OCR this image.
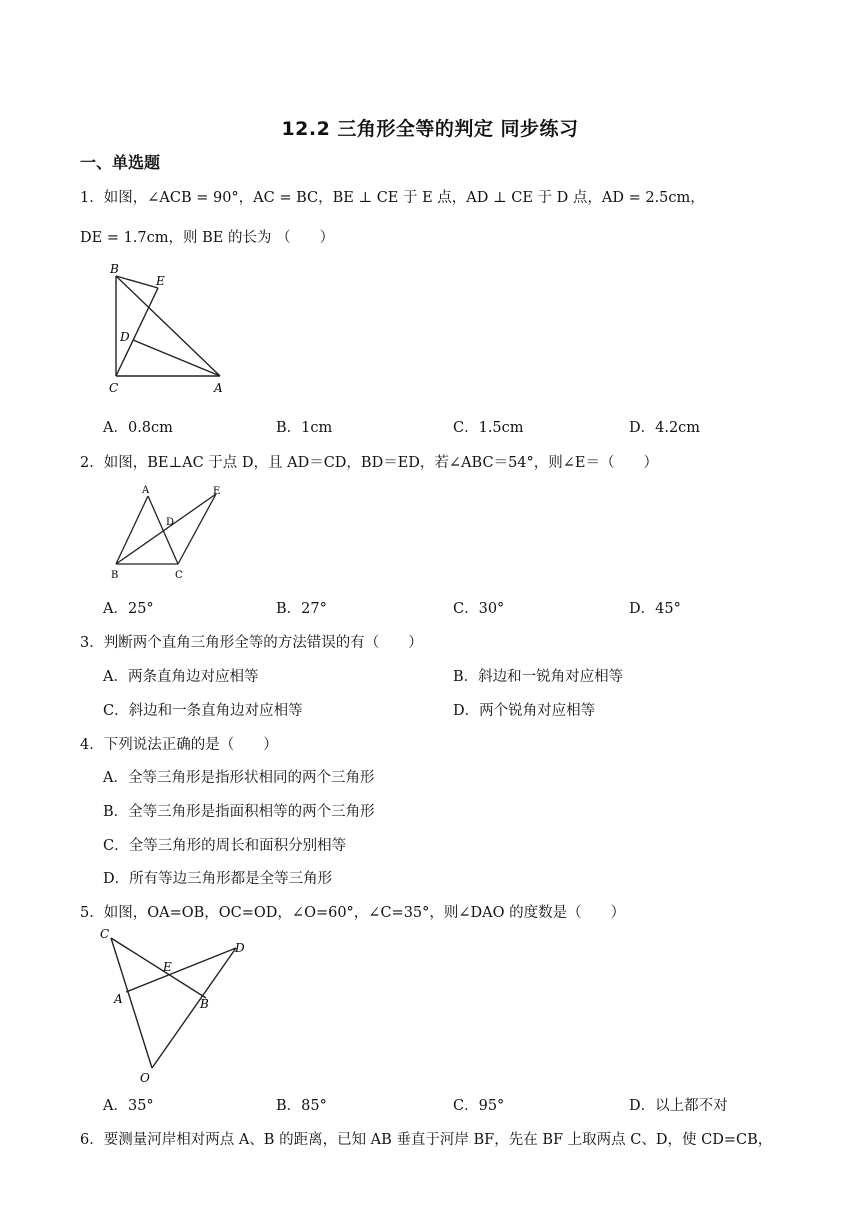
12.2 三角形全等的判定 同步练习
一、单选题
1．如图，∠ACB = 90°，AC = BC，BE ⊥ CE 于 E 点，AD ⊥ CE 于 D 点，AD = 2.5cm，
DE = 1.7cm，则 BE 的长为 （　　）
B
E
D
C	A
A．0.8cm	B．1cm	C．1.5cm	D．4.2cm
2．如图，BE⊥AC 于点 D，且 AD＝CD，BD＝ED，若∠ABC＝54°，则∠E＝（　　）
A	E
D
B	C
A．25°	B．27°	C．30°	D．45°
3．判断两个直角三角形全等的方法错误的有（　　）
A．两条直角边对应相等	B．斜边和一锐角对应相等
C．斜边和一条直角边对应相等	D．两个锐角对应相等
4．下列说法正确的是（　　）
A．全等三角形是指形状相同的两个三角形
B．全等三角形是指面积相等的两个三角形
C．全等三角形的周长和面积分别相等
D．所有等边三角形都是全等三角形
5．如图，OA=OB，OC=OD，∠O=60°，∠C=35°，则∠DAO 的度数是（　　）
C
D
E
A	B
O
A．35°	B．85°	C．95°	D．以上都不对
6．要测量河岸相对两点 A、B 的距离，已知 AB 垂直于河岸 BF，先在 BF 上取两点 C、D，使 CD=CB，
